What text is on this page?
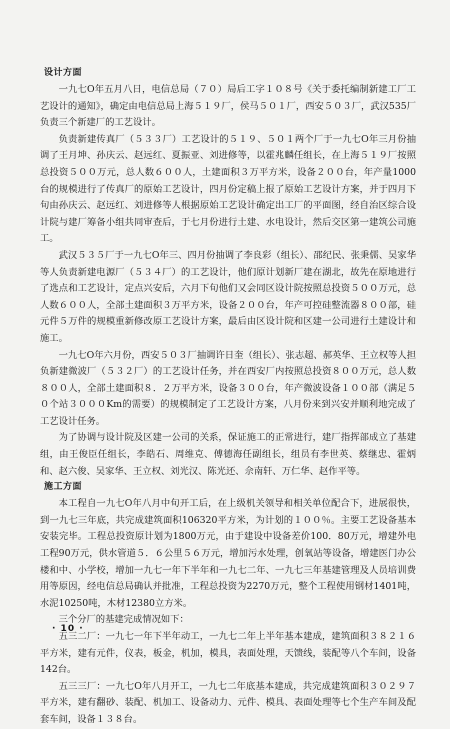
设计方面

一九七O年五月八日，电信总局（７０）局后工字１０８号《关于委托编制新建工厂工艺设计的通知》，确定由电信总局上海５１９厂，侯马５０１厂，西安５０３厂，武汉535厂负责三个新建厂的工艺设计。

负责新建传真厂（５３３厂）工艺设计的５１９、５０１两个厂于一九七O年三月份抽调了王月坤、孙庆云、赵远红、夏振亚、刘进修等，以霍兆麟任组长，在上海５１９厂按照总投资５００万元，总人数６００人，土建面积３万平方米，设备２００台，年产量1000台的规模进行了传真厂的原始工艺设计，四月份定稿上报了原始工艺设计方案，并于四月下旬由孙庆云、赵远红、刘进修等人根据原始工艺设计确定出工厂的平面图，经自治区综合设计院与建厂筹备小组共同审查后，于七月份进行土建、水电设计，然后交区第一建筑公司施工。

武汉５３５厂于一九七O年三、四月份抽调了李良彩（组长）、邵纪民、张秉儒、吴家华等人负责新建电源厂（５３４厂）的工艺设计，他们原计划新厂建在湖北，故先在原地进行了选点和工艺设计，定点兴安后，六月下旬他们又会同区设计院按照总投资５００万元，总人数６００人，全部土建面积３万平方米，设备２００台，年产可控硅整流器８００部，硅元件５万件的规模重新修改原工艺设计方案，最后由区设计院和区建一公司进行土建设计和施工。

一九七O年六月份，西安５０３厂抽调许日奎（组长）、张志超、郝英华、王立权等人担负新建微波厂（５３２厂）的工艺设计任务，并在西安厂内按照总投资８００万元，总人数８００人，全部土建面积８．２万平方米，设备３００台，年产微波设备１００部（满足５０个站３０００Km的需要）的规模制定了工艺设计方案，八月份来到兴安并顺利地完成了工艺设计任务。

为了协调与设计院及区建一公司的关系，保证施工的正常进行，建厂指挥部成立了基建组，由王俊臣任组长，李皓石、周维克、傅德海任副组长，组员有李世英、蔡继忠、霍炳和、赵六俊、吴家华、王立权、刘光汉、陈光还、佘南轩、万仁华、赵作平等。

施工方面

本工程自一九七O年八月中旬开工后，在上级机关领导和相关单位配合下，进展很快，到一九七三年底，共完成建筑面积106320平方米，为计划的１００％。主要工艺设备基本安装完毕。工程总投资原计划为1800万元，由于建设中设备差价100．80万元，增建外电工程90万元，供水管道５．６公里５６万元，增加污水处理，创氧站等设备，增建医门办公楼和中、小学校，增加一九七一年下半年和一九七二年、一九七三年基建管理及人员培训费用等原因，经电信总局确认并批准，工程总投资为2270万元，整个工程使用钢材1401吨，水泥10250吨，木材12380立方米。

三个分厂的基建完成情况如下：

五三二厂：一九七一年下半年动工，一九七二年上半年基本建成，建筑面积３８２１６平方米，建有元件，仪表，板金，机加，模具，表面处理，天馈线，装配等八个车间，设备142台。

五三三厂：一九七O年八月开工，一九七二年底基本建成，共完成建筑面积３０２９７平方米，建有翻砂、装配、机加工、设备动力、元件、模具、表面处理等七个生产车间及配套车间，设备１３８台。

· 10 ·
